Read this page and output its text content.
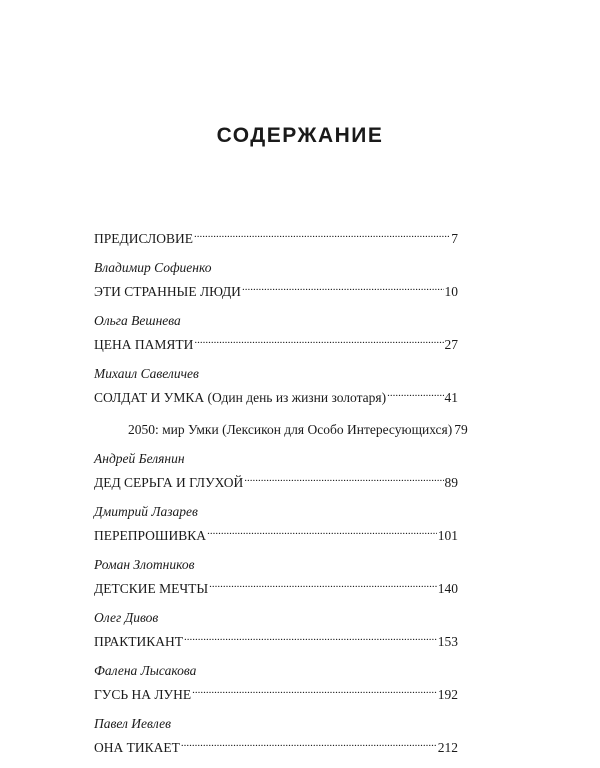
СОДЕРЖАНИЕ
ПРЕДИСЛОВИЕ .....	7
Владимир Софиенко
ЭТИ СТРАННЫЕ ЛЮДИ .....	10
Ольга Вешнева
ЦЕНА ПАМЯТИ .....	27
Михаил Савеличев
СОЛДАТ И УМКА (Один день из жизни золотаря) .....	41
2050: мир Умки (Лексикон для Особо Интересующихся) 79
Андрей Белянин
ДЕД СЕРЬГА И ГЛУХОЙ .....	89
Дмитрий Лазарев
ПЕРЕПРОШИВКА .....	101
Роман Злотников
ДЕТСКИЕ МЕЧТЫ .....	140
Олег Дивов
ПРАКТИКАНТ .....	153
Фалена Лысакова
ГУСЬ НА ЛУНЕ .....	192
Павел Иевлев
ОНА ТИКАЕТ .....	212
